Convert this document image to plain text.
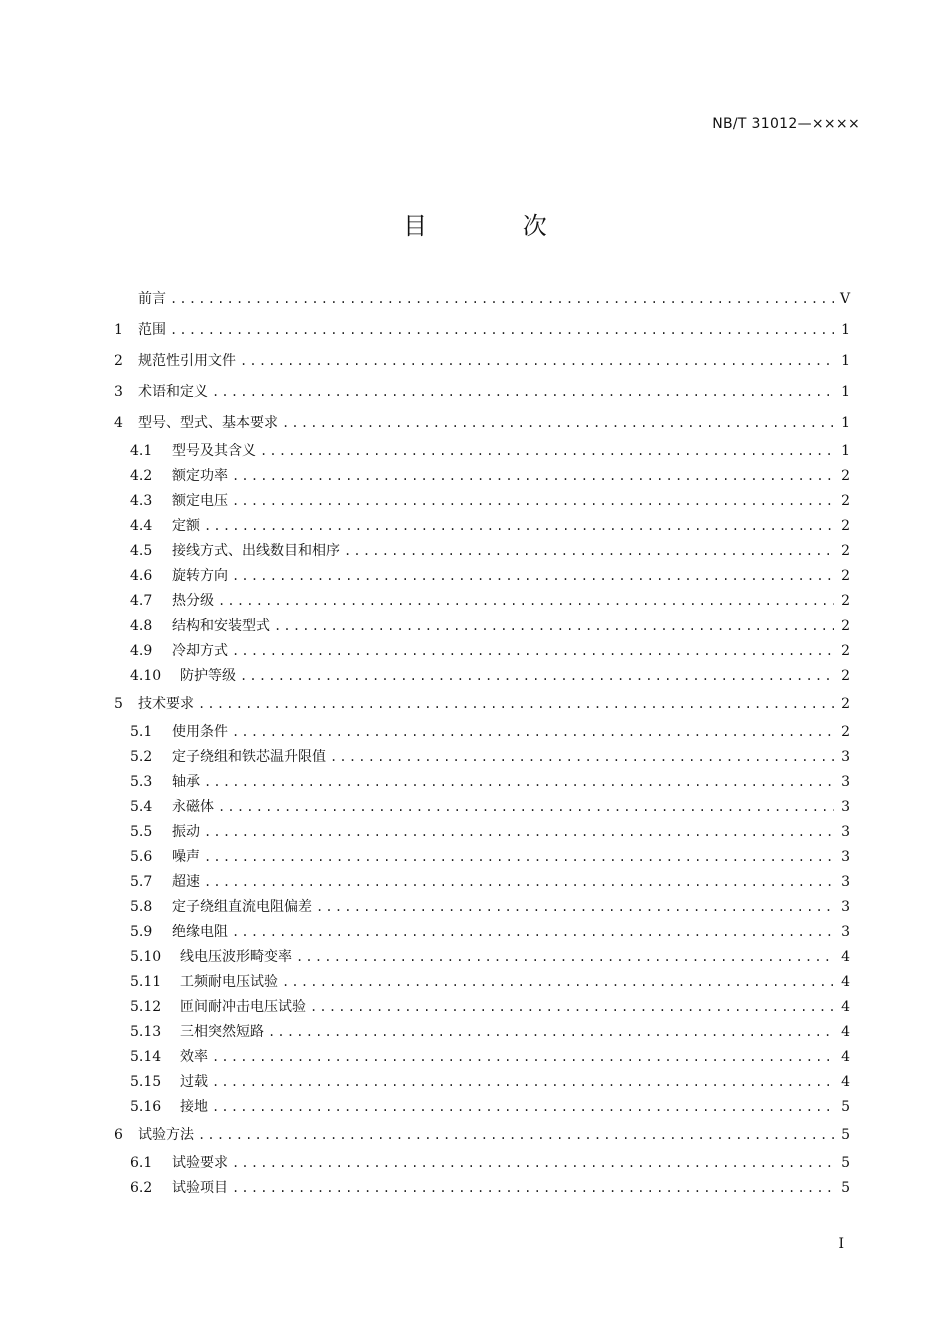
NB/T 31012—××××
目 次
前言 .....	V
1	范围 .....	1
2	规范性引用文件 .....	1
3	术语和定义 .....	1
4	型号、型式、基本要求 .....	1
4.1	型号及其含义 .....	1
4.2	额定功率 .....	2
4.3	额定电压 .....	2
4.4	定额 .....	2
4.5	接线方式、出线数目和相序 .....	2
4.6	旋转方向 .....	2
4.7	热分级 .....	2
4.8	结构和安装型式 .....	2
4.9	冷却方式 .....	2
4.10	防护等级 .....	2
5	技术要求 .....	2
5.1	使用条件 .....	2
5.2	定子绕组和铁芯温升限值 .....	3
5.3	轴承 .....	3
5.4	永磁体 .....	3
5.5	振动 .....	3
5.6	噪声 .....	3
5.7	超速 .....	3
5.8	定子绕组直流电阻偏差 .....	3
5.9	绝缘电阻 .....	3
5.10	线电压波形畸变率 .....	4
5.11	工频耐电压试验 .....	4
5.12	匝间耐冲击电压试验 .....	4
5.13	三相突然短路 .....	4
5.14	效率 .....	4
5.15	过载 .....	4
5.16	接地 .....	5
6	试验方法 .....	5
6.1	试验要求 .....	5
6.2	试验项目 .....	5
I
